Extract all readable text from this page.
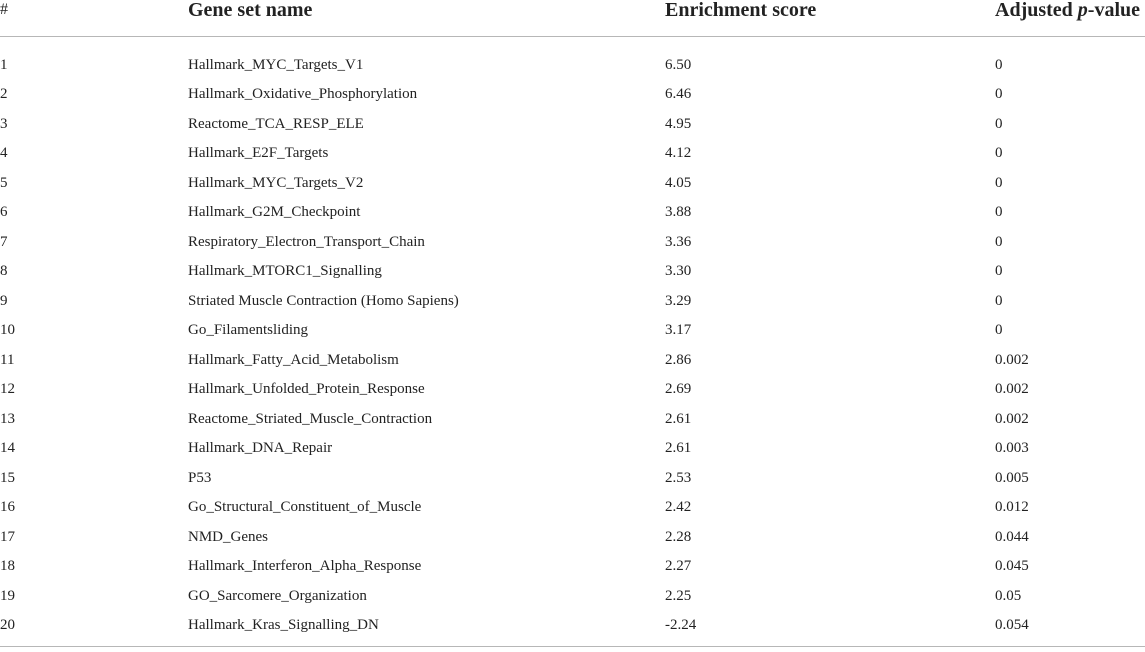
#	Gene set name	Enrichment score	Adjusted p-value
1	Hallmark_MYC_Targets_V1	6.50	0
2	Hallmark_Oxidative_Phosphorylation	6.46	0
3	Reactome_TCA_RESP_ELE	4.95	0
4	Hallmark_E2F_Targets	4.12	0
5	Hallmark_MYC_Targets_V2	4.05	0
6	Hallmark_G2M_Checkpoint	3.88	0
7	Respiratory_Electron_Transport_Chain	3.36	0
8	Hallmark_MTORC1_Signalling	3.30	0
9	Striated Muscle Contraction (Homo Sapiens)	3.29	0
10	Go_Filamentsliding	3.17	0
11	Hallmark_Fatty_Acid_Metabolism	2.86	0.002
12	Hallmark_Unfolded_Protein_Response	2.69	0.002
13	Reactome_Striated_Muscle_Contraction	2.61	0.002
14	Hallmark_DNA_Repair	2.61	0.003
15	P53	2.53	0.005
16	Go_Structural_Constituent_of_Muscle	2.42	0.012
17	NMD_Genes	2.28	0.044
18	Hallmark_Interferon_Alpha_Response	2.27	0.045
19	GO_Sarcomere_Organization	2.25	0.05
20	Hallmark_Kras_Signalling_DN	-2.24	0.054
